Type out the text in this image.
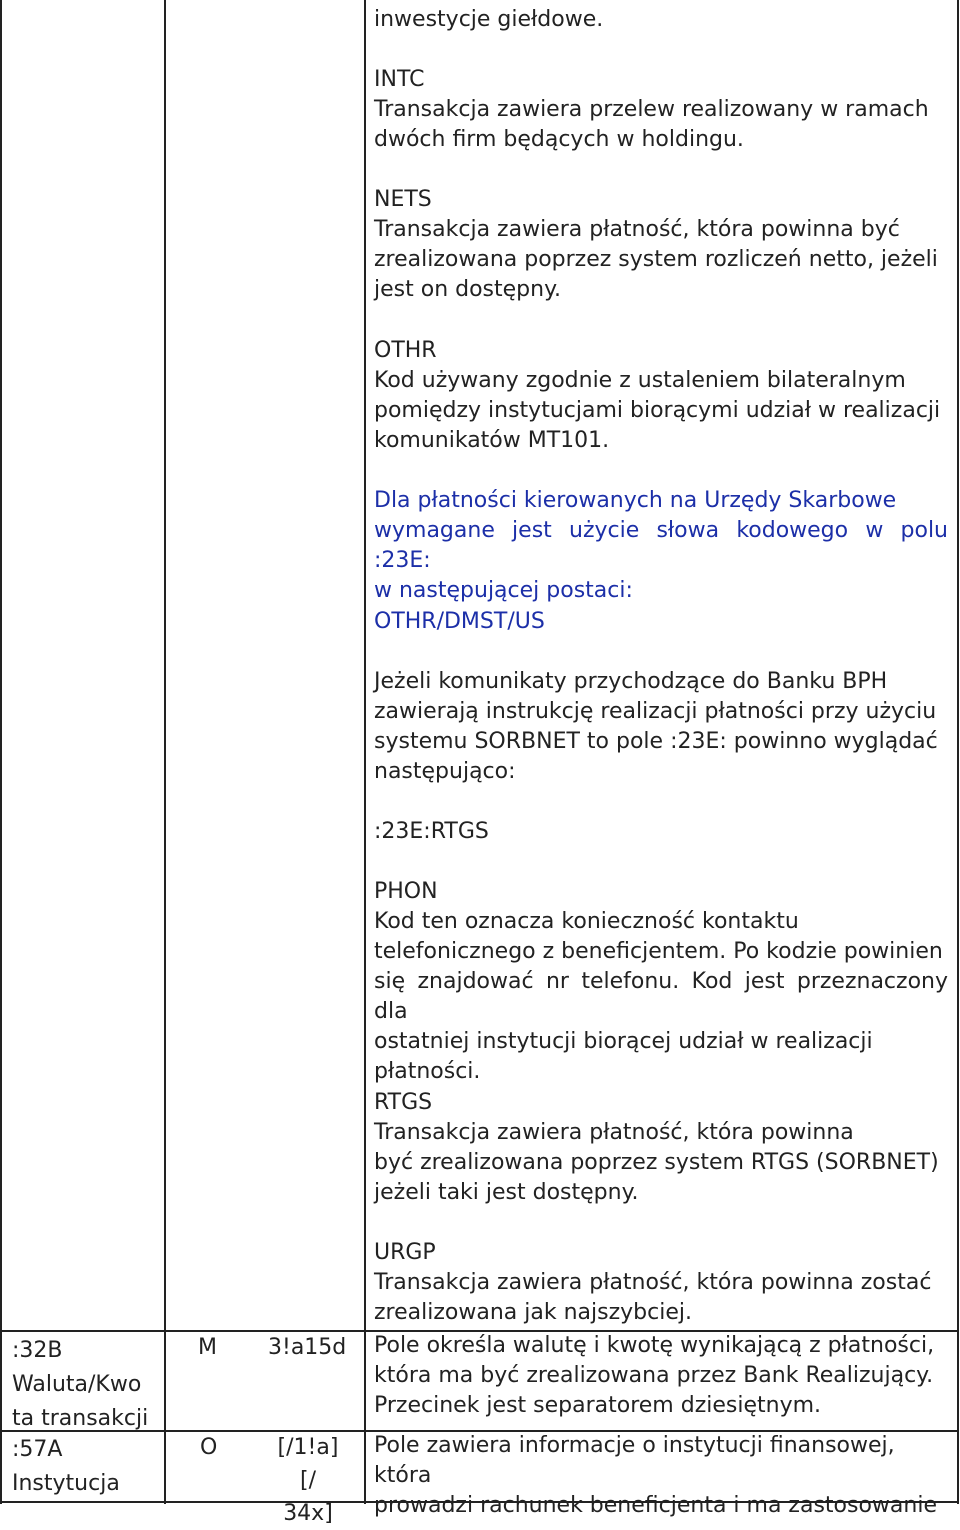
inwestycje giełdowe.
INTC
Transakcja zawiera przelew realizowany w ramach
dwóch firm będących w holdingu.
NETS
Transakcja zawiera płatność, która powinna być
zrealizowana poprzez system rozliczeń netto, jeżeli
jest on dostępny.
OTHR
Kod używany zgodnie z ustaleniem bilateralnym
pomiędzy instytucjami biorącymi udział w realizacji
komunikatów MT101.
Dla płatności kierowanych na Urzędy Skarbowe
wymagane jest użycie słowa kodowego w polu :23E:
w następującej postaci:
OTHR/DMST/US
Jeżeli komunikaty przychodzące do Banku BPH
zawierają instrukcję realizacji płatności przy użyciu
systemu SORBNET to pole :23E: powinno wyglądać
następująco:
:23E:RTGS
PHON
Kod ten oznacza konieczność kontaktu
telefonicznego z beneficjentem. Po kodzie powinien
się znajdować nr telefonu. Kod jest przeznaczony dla
ostatniej instytucji biorącej udział w realizacji
płatności.
RTGS
Transakcja zawiera płatność, która powinna
być zrealizowana poprzez system RTGS (SORBNET)
jeżeli taki jest dostępny.
URGP
Transakcja zawiera płatność, która powinna zostać
zrealizowana jak najszybciej.
:32B
Waluta/Kwo
ta transakcji
M 3!a15d Pole określa walutę i kwotę wynikającą z płatności,
która ma być zrealizowana przez Bank Realizujący.
Przecinek jest separatorem dziesiętnym.
:57A
Instytucja
O	[/1!a][/
34x]
Pole zawiera informacje o instytucji finansowej, która
prowadzi rachunek beneficjenta i ma zastosowanie
